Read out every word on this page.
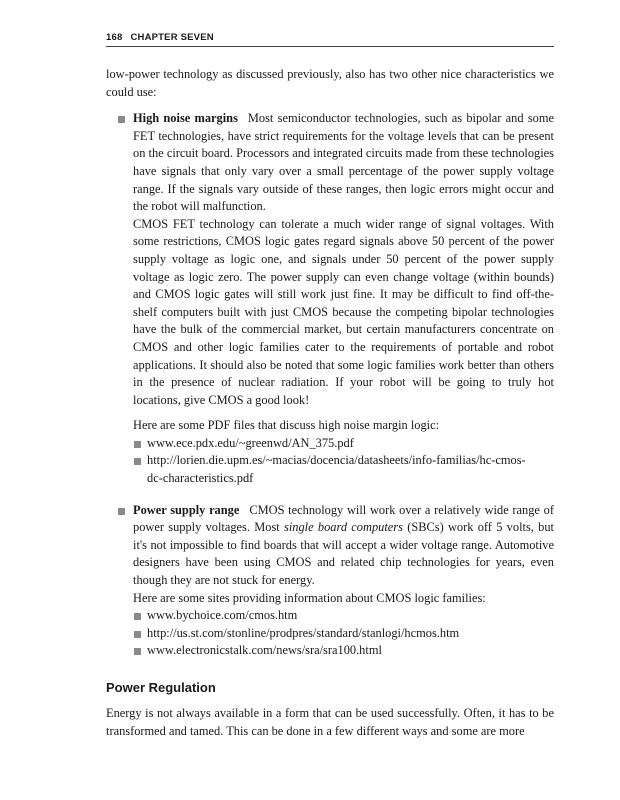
168 CHAPTER SEVEN

low-power technology as discussed previously, also has two other nice characteristics we could use:

High noise margins Most semiconductor technologies, such as bipolar and some FET technologies, have strict requirements for the voltage levels that can be present on the circuit board. Processors and integrated circuits made from these technologies have signals that only vary over a small percentage of the power supply voltage range. If the signals vary outside of these ranges, then logic errors might occur and the robot will malfunction.

CMOS FET technology can tolerate a much wider range of signal voltages. With some restrictions, CMOS logic gates regard signals above 50 percent of the power supply voltage as logic one, and signals under 50 percent of the power supply voltage as logic zero. The power supply can even change voltage (within bounds) and CMOS logic gates will still work just fine. It may be difficult to find off-the-shelf computers built with just CMOS because the competing bipolar technologies have the bulk of the commercial market, but certain manufacturers concentrate on CMOS and other logic families cater to the requirements of portable and robot applications. It should also be noted that some logic families work better than others in the presence of nuclear radiation. If your robot will be going to truly hot locations, give CMOS a good look!

Here are some PDF files that discuss high noise margin logic:

www.ece.pdx.edu/~greenwd/AN_375.pdf
http://lorien.die.upm.es/~macias/docencia/datasheets/info-familias/hc-cmos-dc-characteristics.pdf

Power supply range CMOS technology will work over a relatively wide range of power supply voltages. Most single board computers (SBCs) work off 5 volts, but it's not impossible to find boards that will accept a wider voltage range. Automotive designers have been using CMOS and related chip technologies for years, even though they are not stuck for energy.

Here are some sites providing information about CMOS logic families:

www.bychoice.com/cmos.htm
http://us.st.com/stonline/prodpres/standard/stanlogi/hcmos.htm
www.electronicstalk.com/news/sra/sra100.html
Power Regulation

Energy is not always available in a form that can be used successfully. Often, it has to be transformed and tamed. This can be done in a few different ways and some are more
